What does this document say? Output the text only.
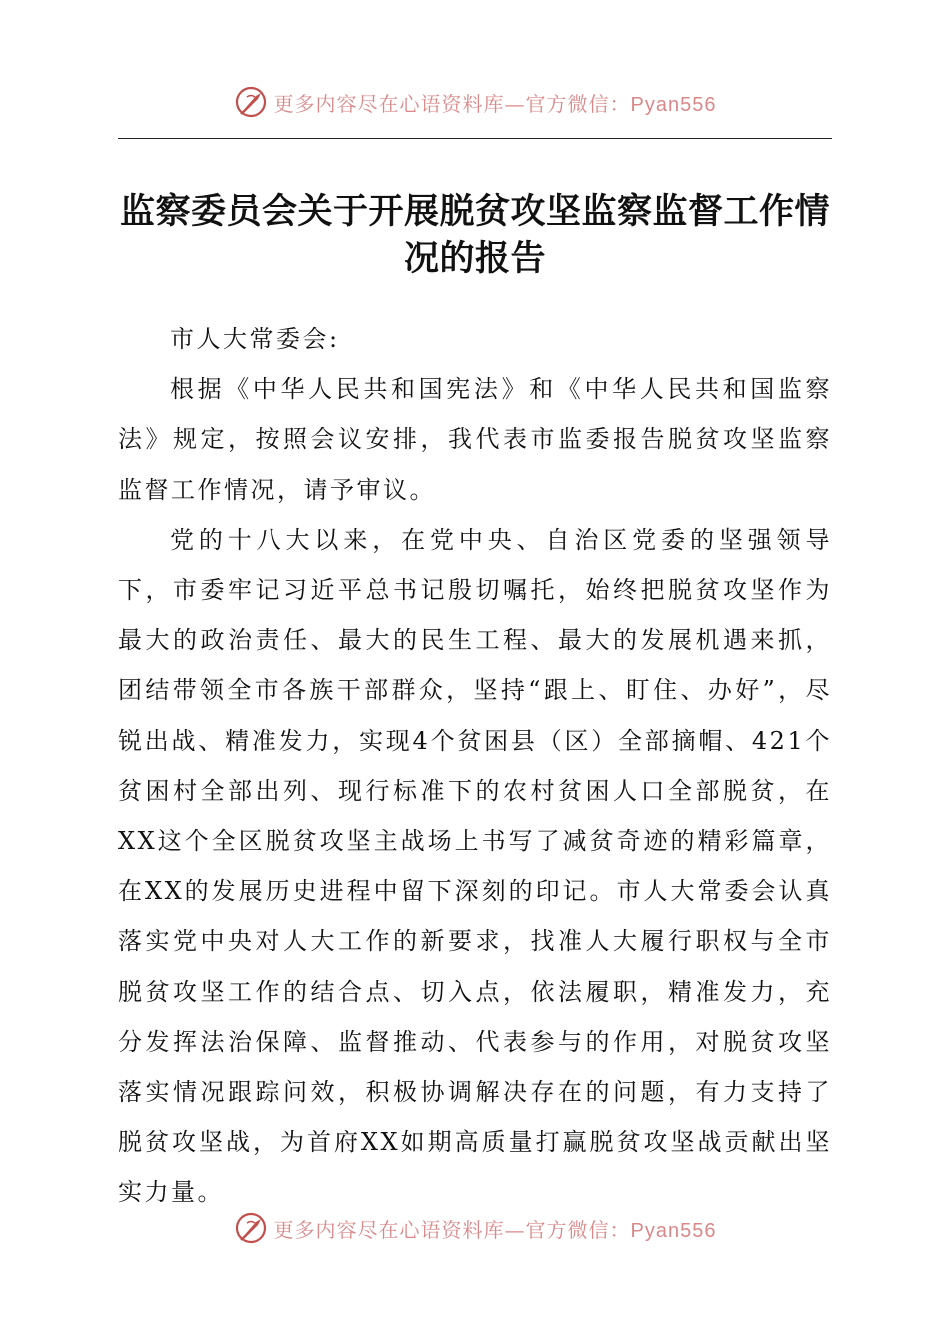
更多内容尽在心语资料库—官方微信：Pyan556
监察委员会关于开展脱贫攻坚监察监督工作情况的报告

市人大常委会:

根据《中华人民共和国宪法》和《中华人民共和国监察法》规定，按照会议安排，我代表市监委报告脱贫攻坚监察监督工作情况，请予审议。

党的十八大以来，在党中央、自治区党委的坚强领导下，市委牢记习近平总书记殷切嘱托，始终把脱贫攻坚作为最大的政治责任、最大的民生工程、最大的发展机遇来抓，团结带领全市各族干部群众，坚持“跟上、盯住、办好”，尽锐出战、精准发力，实现4个贫困县（区）全部摘帽、421个贫困村全部出列、现行标准下的农村贫困人口全部脱贫，在XX这个全区脱贫攻坚主战场上书写了减贫奇迹的精彩篇章，在XX的发展历史进程中留下深刻的印记。市人大常委会认真落实党中央对人大工作的新要求，找准人大履行职权与全市脱贫攻坚工作的结合点、切入点，依法履职，精准发力，充分发挥法治保障、监督推动、代表参与的作用，对脱贫攻坚落实情况跟踪问效，积极协调解决存在的问题，有力支持了脱贫攻坚战，为首府XX如期高质量打赢脱贫攻坚战贡献出坚实力量。

更多内容尽在心语资料库—官方微信：Pyan556
